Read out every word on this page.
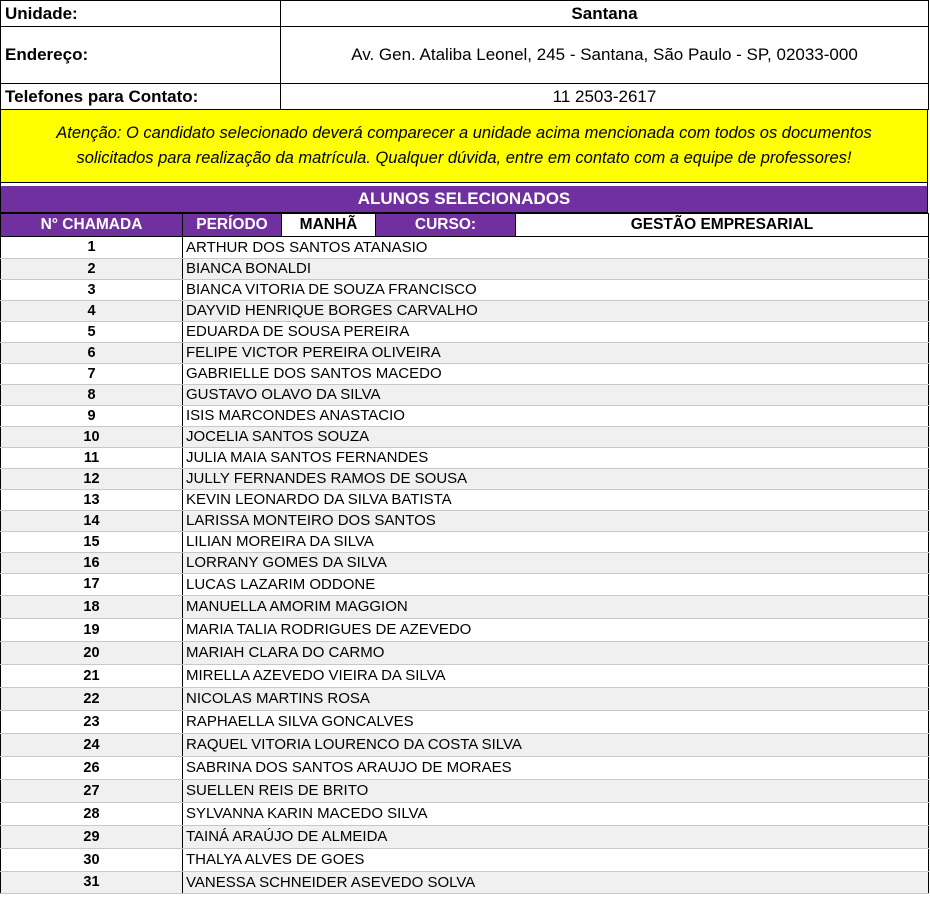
Unidade:	Santana
Endereço:	Av. Gen. Ataliba Leonel, 245 - Santana, São Paulo - SP, 02033-000
Telefones para Contato:	11 2503-2617
Atenção: O candidato selecionado deverá comparecer a unidade acima mencionada com todos os documentos
solicitados para realização da matrícula. Qualquer dúvida, entre em contato com a equipe de professores!
ALUNOS SELECIONADOS
N° CHAMADA	PERÍODO	MANHÃ	CURSO:	GESTÃO EMPRESARIAL
1	ARTHUR DOS SANTOS ATANASIO
2	BIANCA BONALDI
3	BIANCA VITORIA DE SOUZA FRANCISCO
4	DAYVID HENRIQUE BORGES CARVALHO
5	EDUARDA DE SOUSA PEREIRA
6	FELIPE VICTOR PEREIRA OLIVEIRA
7	GABRIELLE DOS SANTOS MACEDO
8	GUSTAVO OLAVO DA SILVA
9	ISIS MARCONDES ANASTACIO
10	JOCELIA SANTOS SOUZA
11	JULIA MAIA SANTOS FERNANDES
12	JULLY FERNANDES RAMOS DE SOUSA
13	KEVIN LEONARDO DA SILVA BATISTA
14	LARISSA MONTEIRO DOS SANTOS
15	LILIAN MOREIRA DA SILVA
16	LORRANY GOMES DA SILVA
17	LUCAS LAZARIM ODDONE
18	MANUELLA AMORIM MAGGION
19	MARIA TALIA RODRIGUES DE AZEVEDO
20	MARIAH CLARA DO CARMO
21	MIRELLA AZEVEDO VIEIRA DA SILVA
22	NICOLAS MARTINS ROSA
23	RAPHAELLA SILVA GONCALVES
24	RAQUEL VITORIA LOURENCO DA COSTA SILVA
26	SABRINA DOS SANTOS ARAUJO DE MORAES
27	SUELLEN REIS DE BRITO
28	SYLVANNA KARIN MACEDO SILVA
29	TAINÁ ARAÚJO DE ALMEIDA
30	THALYA ALVES DE GOES
31	VANESSA SCHNEIDER ASEVEDO SOLVA
